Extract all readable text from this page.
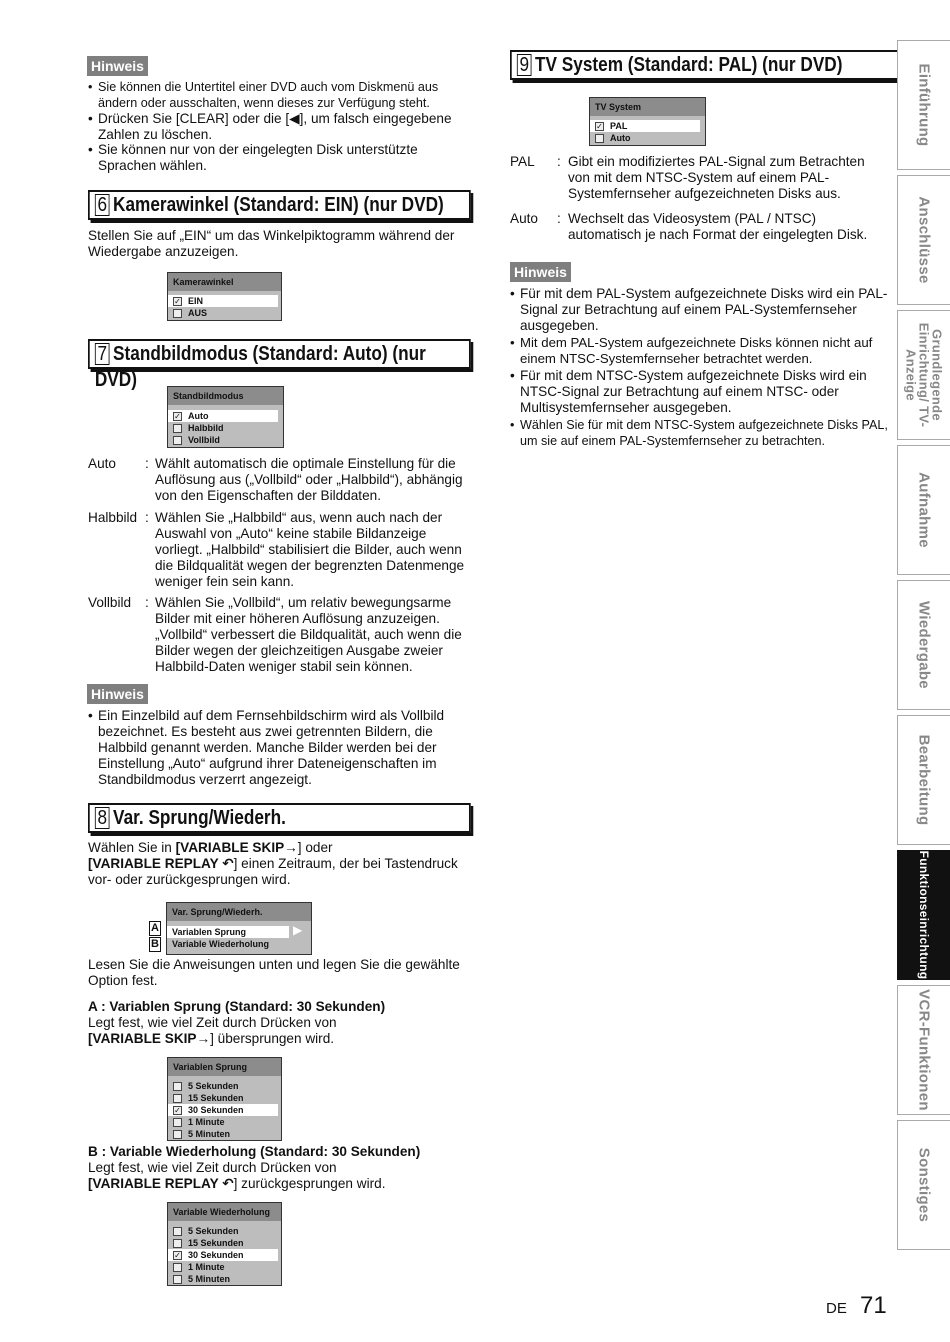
Hinweis
• Sie können die Untertitel einer DVD auch vom Diskmenü aus ändern oder ausschalten, wenn dieses zur Verfügung steht.
• Drücken Sie [CLEAR] oder die [◀], um falsch eingegebene Zahlen zu löschen.
• Sie können nur von der eingelegten Disk unterstützte Sprachen wählen.
6 Kamerawinkel (Standard: EIN) (nur DVD)
Stellen Sie auf „EIN“ um das Winkelpiktogramm während der Wiedergabe anzuzeigen.
Kamerawinkel
✓ EIN
AUS
7 Standbildmodus (Standard: Auto) (nur DVD)
Standbildmodus
✓ Auto
Halbbild
Vollbild
Auto : Wählt automatisch die optimale Einstellung für die Auflösung aus („Vollbild“ oder „Halbbild“), abhängig von den Eigenschaften der Bilddaten.
Halbbild : Wählen Sie „Halbbild“ aus, wenn auch nach der Auswahl von „Auto“ keine stabile Bildanzeige vorliegt. „Halbbild“ stabilisiert die Bilder, auch wenn die Bildqualität wegen der begrenzten Datenmenge weniger fein sein kann.
Vollbild : Wählen Sie „Vollbild“, um relativ bewegungsarme Bilder mit einer höheren Auflösung anzuzeigen. „Vollbild“ verbessert die Bildqualität, auch wenn die Bilder wegen der gleichzeitigen Ausgabe zweier Halbbild-Daten weniger stabil sein können.
Hinweis
• Ein Einzelbild auf dem Fernsehbildschirm wird als Vollbild bezeichnet. Es besteht aus zwei getrennten Bildern, die Halbbild genannt werden. Manche Bilder werden bei der Einstellung „Auto“ aufgrund ihrer Dateneigenschaften im Standbildmodus verzerrt angezeigt.
8 Var. Sprung/Wiederh.
Wählen Sie in [VARIABLE SKIP→] oder
[VARIABLE REPLAY ↶] einen Zeitraum, der bei Tastendruck vor- oder zurückgesprungen wird.
A
B
Var. Sprung/Wiederh.
Variablen Sprung	▶
Variable Wiederholung
Lesen Sie die Anweisungen unten und legen Sie die gewählte Option fest.
A : Variablen Sprung (Standard: 30 Sekunden)
Legt fest, wie viel Zeit durch Drücken von
[VARIABLE SKIP→] übersprungen wird.
Variablen Sprung
5 Sekunden
15 Sekunden
✓ 30 Sekunden
1 Minute
5 Minuten
B : Variable Wiederholung (Standard: 30 Sekunden)
Legt fest, wie viel Zeit durch Drücken von
[VARIABLE REPLAY ↶] zurückgesprungen wird.
Variable Wiederholung
5 Sekunden
15 Sekunden
✓ 30 Sekunden
1 Minute
5 Minuten
9 TV System (Standard: PAL) (nur DVD)
TV System
✓ PAL
Auto
PAL : Gibt ein modifiziertes PAL-Signal zum Betrachten von mit dem NTSC-System auf einem PAL-Systemfernseher aufgezeichneten Disks aus.
Auto : Wechselt das Videosystem (PAL / NTSC) automatisch je nach Format der eingelegten Disk.
Hinweis
• Für mit dem PAL-System aufgezeichnete Disks wird ein PAL-Signal zur Betrachtung auf einem PAL-Systemfernseher ausgegeben.
• Mit dem PAL-System aufgezeichnete Disks können nicht auf einem NTSC-Systemfernseher betrachtet werden.
• Für mit dem NTSC-System aufgezeichnete Disks wird ein NTSC-Signal zur Betrachtung auf einem NTSC- oder Multisystemfernseher ausgegeben.
• Wählen Sie für mit dem NTSC-System aufgezeichnete Disks PAL, um sie auf einem PAL-Systemfernseher zu betrachten.
Einführung
Anschlüsse
Grundlegende Einrichtung/ TV-Anzeige
Aufnahme
Wiedergabe
Bearbeitung
Funktionseinrichtung
VCR-Funktionen
Sonstiges
DE 71
